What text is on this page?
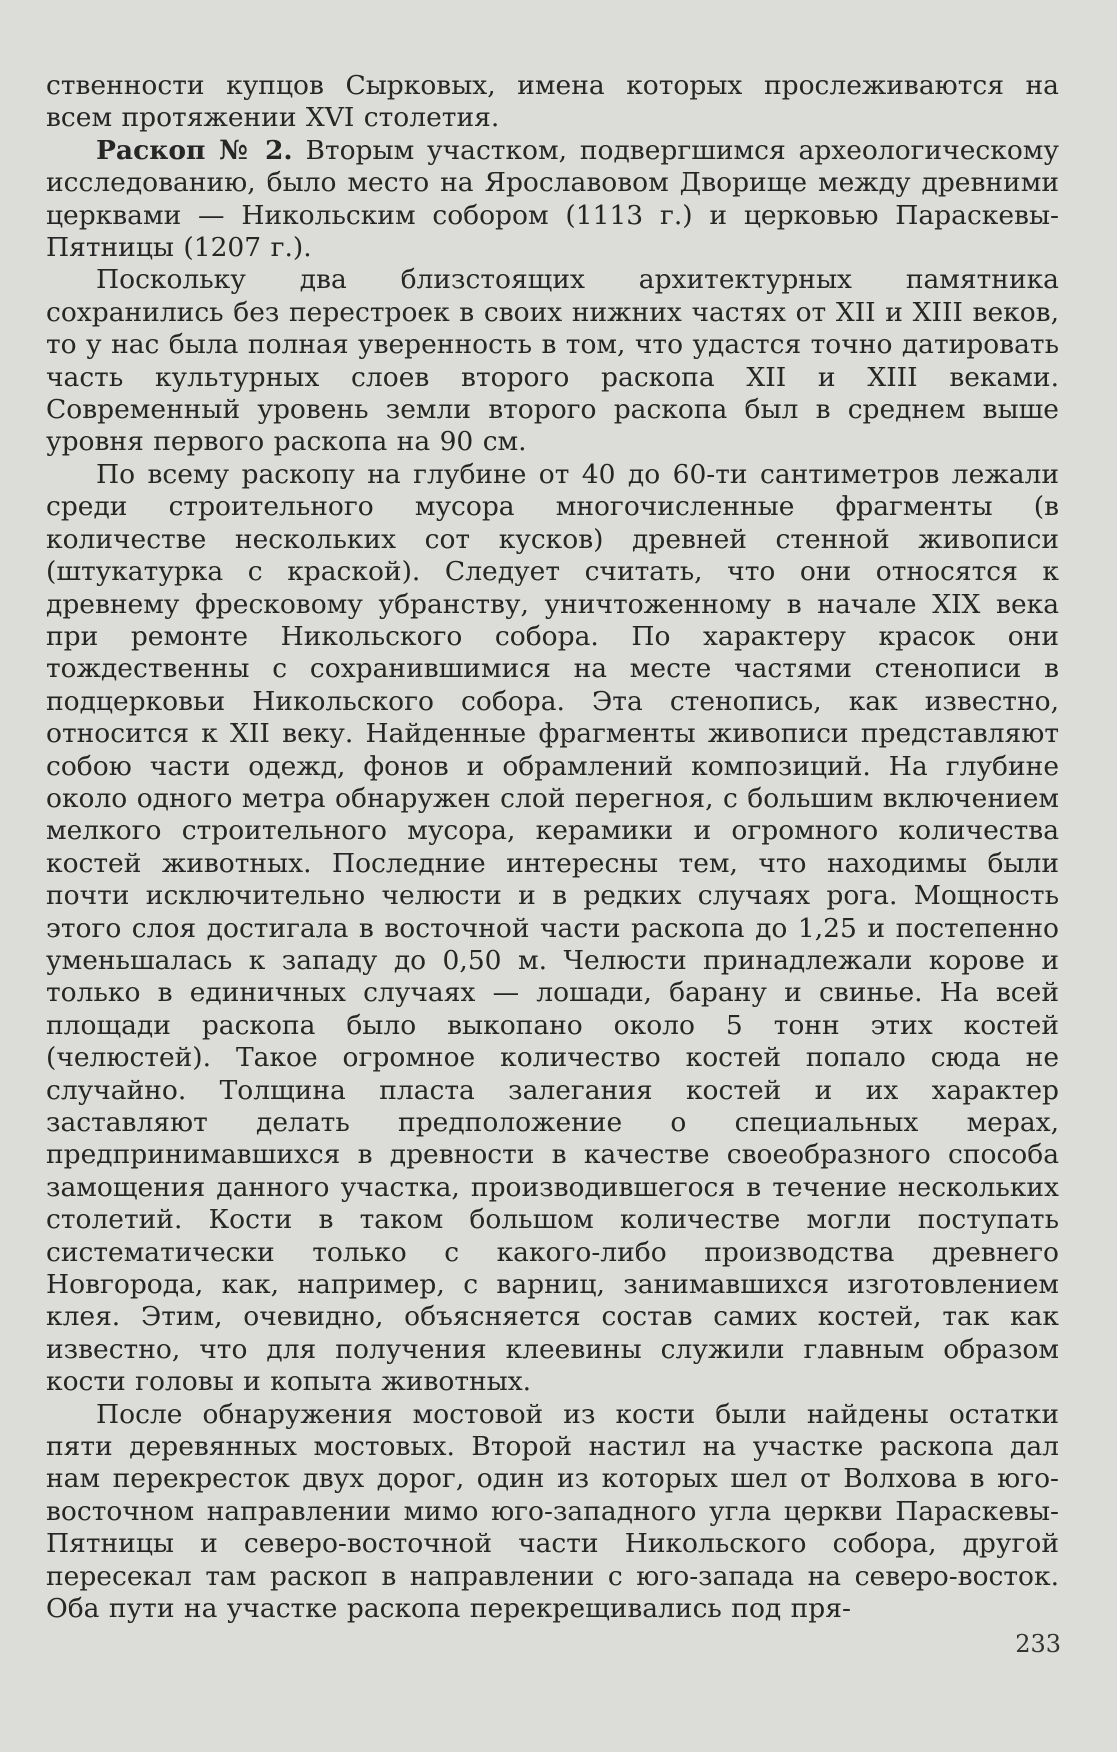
ственности купцов Сырковых, имена которых прослеживаются на всем протяжении XVI столетия.

Раскоп № 2. Вторым участком, подвергшимся археологическому исследованию, было место на Ярославовом Дворище между древними церквами — Никольским собором (1113 г.) и церковью Параскевы-Пятницы (1207 г.).

Поскольку два близстоящих архитектурных памятника сохранились без перестроек в своих нижних частях от XII и XIII веков, то у нас была полная уверенность в том, что удастся точно датировать часть культурных слоев второго раскопа XII и XIII веками. Современный уровень земли второго раскопа был в среднем выше уровня первого раскопа на 90 см.

По всему раскопу на глубине от 40 до 60-ти сантиметров лежали среди строительного мусора многочисленные фрагменты (в количестве нескольких сот кусков) древней стенной живописи (штукатурка с краской). Следует считать, что они относятся к древнему фресковому убранству, уничтоженному в начале XIX века при ремонте Никольского собора. По характеру красок они тождественны с сохранившимися на месте частями стенописи в подцерковьи Никольского собора. Эта стенопись, как известно, относится к XII веку. Найденные фрагменты живописи представляют собою части одежд, фонов и обрамлений композиций. На глубине около одного метра обнаружен слой перегноя, с большим включением мелкого строительного мусора, керамики и огромного количества костей животных. Последние интересны тем, что находимы были почти исключительно челюсти и в редких случаях рога. Мощность этого слоя достигала в восточной части раскопа до 1,25 и постепенно уменьшалась к западу до 0,50 м. Челюсти принадлежали корове и только в единичных случаях — лошади, барану и свинье. На всей площади раскопа было выкопано около 5 тонн этих костей (челюстей). Такое огромное количество костей попало сюда не случайно. Толщина пласта залегания костей и их характер заставляют делать предположение о специальных мерах, предпринимавшихся в древности в качестве своеобразного способа замощения данного участка, производившегося в течение нескольких столетий. Кости в таком большом количестве могли поступать систематически только с какого-либо производства древнего Новгорода, как, например, с варниц, занимавшихся изготовлением клея. Этим, очевидно, объясняется состав самих костей, так как известно, что для получения клеевины служили главным образом кости головы и копыта животных.

После обнаружения мостовой из кости были найдены остатки пяти деревянных мостовых. Второй настил на участке раскопа дал нам перекресток двух дорог, один из которых шел от Волхова в юго-восточном направлении мимо юго-западного угла церкви Параскевы-Пятницы и северо-восточной части Никольского собора, другой пересекал там раскоп в направлении с юго-запада на северо-восток. Оба пути на участке раскопа перекрещивались под пря-

233
